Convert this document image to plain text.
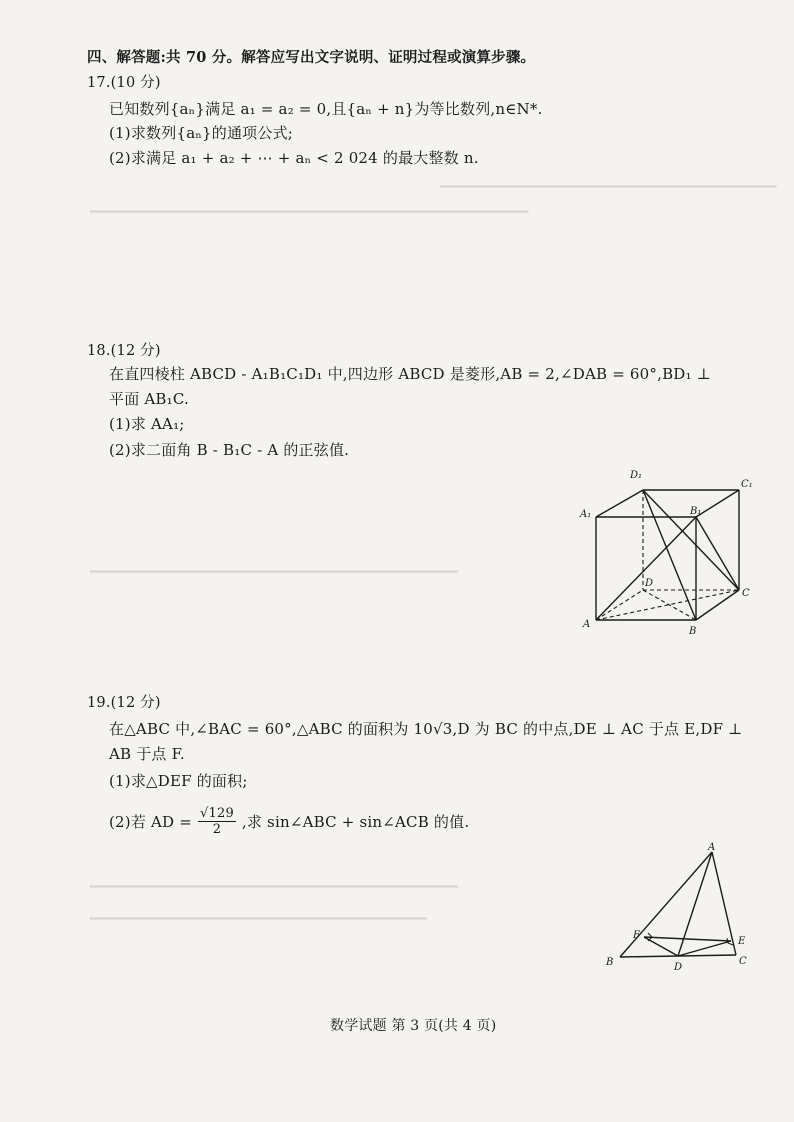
━━━━━━━━━━━━━━━━━━━━━━━━━━━━━━━━━━━━━━━━━━━
━━━━━━━━━━━━━━━━━━━━━━━━━━━━━━━━━━━━━━━━━━━━━━━━━━━━━━━━
━━━━━━━━━━━━━━━━━━━━━━━━━━━━━━━━━━━━━━━━━━━━━━━
━━━━━━━━━━━━━━━━━━━━━━━━━━━━━━━━━━━━━━━━━━━━━━━
━━━━━━━━━━━━━━━━━━━━━━━━━━━━━━━━━━━━━━━━━━━
四、解答题:共 70 分。解答应写出文字说明、证明过程或演算步骤。
17.(10 分)
已知数列{aₙ}满足 a₁ = a₂ = 0,且{aₙ + n}为等比数列,n∈N*.
(1)求数列{aₙ}的通项公式;
(2)求满足 a₁ + a₂ + ⋯ + aₙ < 2 024 的最大整数 n.
18.(12 分)
在直四棱柱 ABCD - A₁B₁C₁D₁ 中,四边形 ABCD 是菱形,AB = 2,∠DAB = 60°,BD₁ ⊥
平面 AB₁C.
(1)求 AA₁;
(2)求二面角 B - B₁C - A 的正弦值.
D₁
C₁
A₁	B₁
D
C
A
B
19.(12 分)
在△ABC 中,∠BAC = 60°,△ABC 的面积为 10√3,D 为 BC 的中点,DE ⊥ AC 于点 E,DF ⊥
AB 于点 F.
(1)求△DEF 的面积;
(2)若 AD = $\frac{√129}{2}$ ,求 sin∠ABC + sin∠ACB 的值.
A
F
E
B	D
C
数学试题 第 3 页(共 4 页)
